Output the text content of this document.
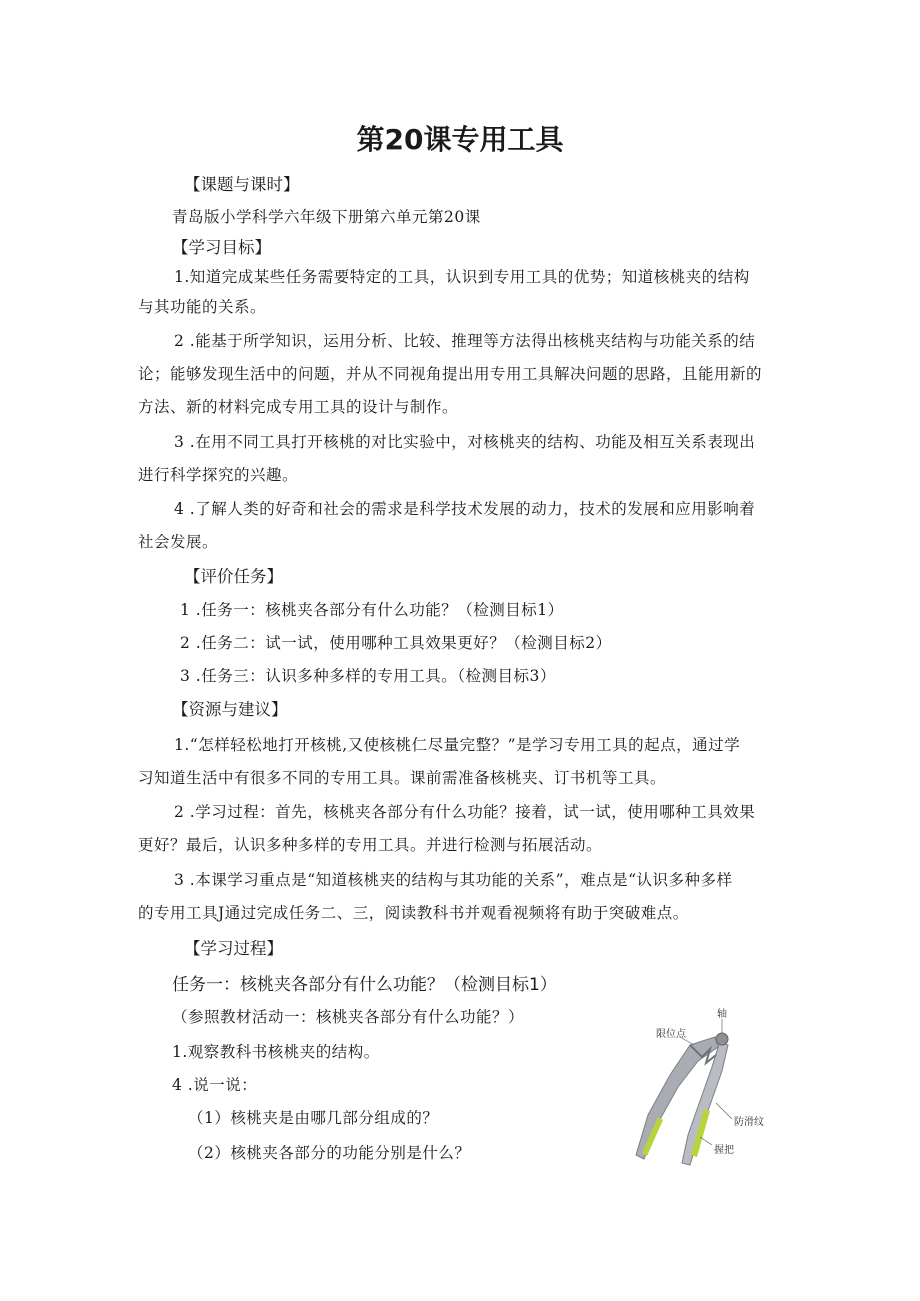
第20课专用工具
【课题与课时】
青岛版小学科学六年级下册第六单元第20课
【学习目标】
1.知道完成某些任务需要特定的工具，认识到专用工具的优势；知道核桃夹的结构
与其功能的关系。
2 .能基于所学知识，运用分析、比较、推理等方法得出核桃夹结构与功能关系的结
论；能够发现生活中的问题，并从不同视角提出用专用工具解决问题的思路，且能用新的
方法、新的材料完成专用工具的设计与制作。
3 .在用不同工具打开核桃的对比实验中，对核桃夹的结构、功能及相互关系表现出
进行科学探究的兴趣。
4 .了解人类的好奇和社会的需求是科学技术发展的动力，技术的发展和应用影响着
社会发展。
【评价任务】
1 .任务一：核桃夹各部分有什么功能？（检测目标1）
2 .任务二：试一试，使用哪种工具效果更好？（检测目标2）
3 .任务三：认识多种多样的专用工具。（检测目标3）
【资源与建议】
1.“怎样轻松地打开核桃,又使核桃仁尽量完整？”是学习专用工具的起点，通过学
习知道生活中有很多不同的专用工具。课前需准备核桃夹、订书机等工具。
2 .学习过程：首先，核桃夹各部分有什么功能？接着，试一试，使用哪种工具效果
更好？最后，认识多种多样的专用工具。并进行检测与拓展活动。
3 .本课学习重点是“知道核桃夹的结构与其功能的关系”，难点是“认识多种多样
的专用工具J通过完成任务二、三，阅读教科书并观看视频将有助于突破难点。
【学习过程】
任务一：核桃夹各部分有什么功能？（检测目标1）
（参照教材活动一：核桃夹各部分有什么功能？）
1.观察教科书核桃夹的结构。
4 .说一说：
（1）核桃夹是由哪几部分组成的？
（2）核桃夹各部分的功能分别是什么？
轴
限位点
防滑纹
握把
